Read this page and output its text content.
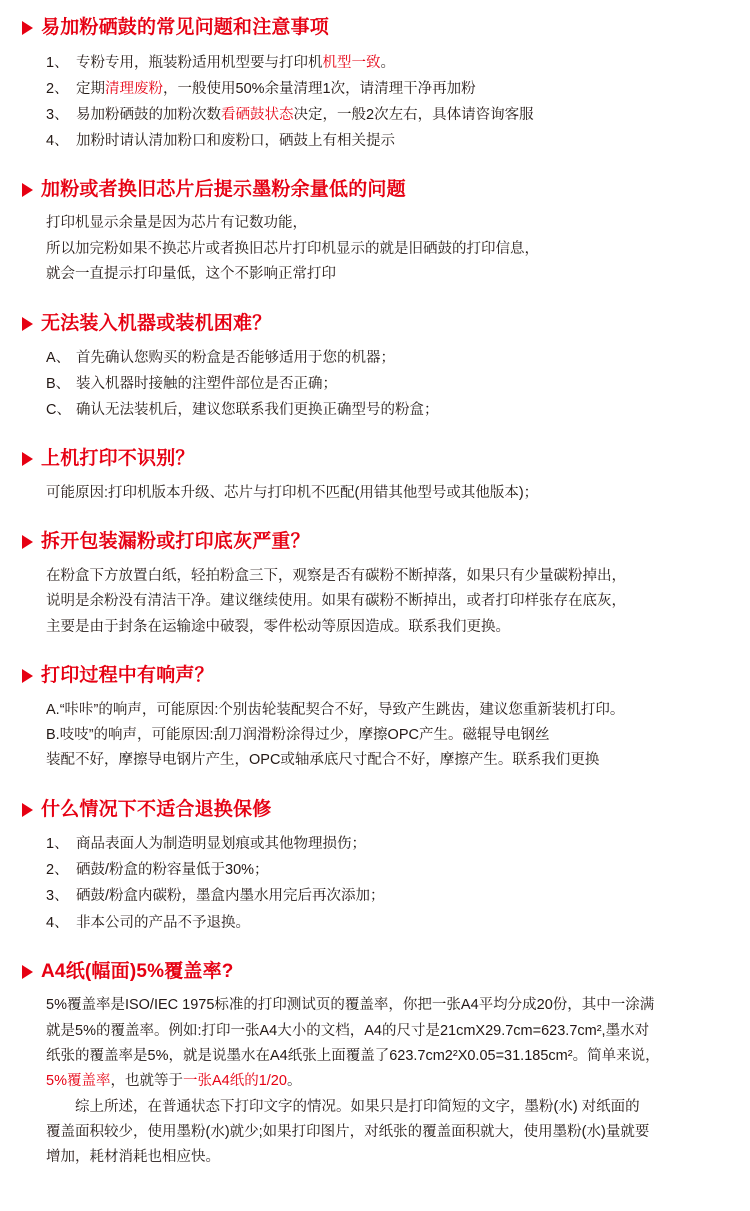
易加粉硒鼓的常见问题和注意事项
1、 专粉专用，瓶装粉适用机型要与打印机机型一致。
2、 定期清理废粉，一般使用50%余量清理1次，请清理干净再加粉
3、 易加粉硒鼓的加粉次数看硒鼓状态决定，一般2次左右，具体请咨询客服
4、 加粉时请认清加粉口和废粉口，硒鼓上有相关提示
加粉或者换旧芯片后提示墨粉余量低的问题
打印机显示余量是因为芯片有记数功能，
所以加完粉如果不换芯片或者换旧芯片打印机显示的就是旧硒鼓的打印信息，
就会一直提示打印量低，这个不影响正常打印
无法装入机器或装机困难？
A、 首先确认您购买的粉盒是否能够适用于您的机器；
B、 装入机器时接触的注塑件部位是否正确；
C、 确认无法装机后，建议您联系我们更换正确型号的粉盒；
上机打印不识别？
可能原因:打印机版本升级、芯片与打印机不匹配(用错其他型号或其他版本)；
拆开包装漏粉或打印底灰严重？
在粉盒下方放置白纸，轻拍粉盒三下，观察是否有碳粉不断掉落，如果只有少量碳粉掉出，
说明是余粉没有清洁干净。建议继续使用。如果有碳粉不断掉出，或者打印样张存在底灰，
主要是由于封条在运输途中破裂，零件松动等原因造成。联系我们更换。
打印过程中有响声？
A.“咔咔”的响声，可能原因:个别齿轮装配契合不好，导致产生跳齿，建议您重新装机打印。
B.吱吱”的响声，可能原因:刮刀润滑粉涂得过少，摩擦OPC产生。磁辊导电钢丝
装配不好，摩擦导电钢片产生，OPC或轴承底尺寸配合不好，摩擦产生。联系我们更换
什么情况下不适合退换保修
1、 商品表面人为制造明显划痕或其他物理损伤；
2、 硒鼓/粉盒的粉容量低于30%；
3、 硒鼓/粉盒内碳粉，墨盒内墨水用完后再次添加；
4、 非本公司的产品不予退换。
A4纸(幅面)5%覆盖率?
5%覆盖率是ISO/IEC 1975标准的打印测试页的覆盖率，你把一张A4平均分成20份，其中一涂满
就是5%的覆盖率。例如:打印一张A4大小的文档，A4的尺寸是21cmX29.7cm=623.7cm²,墨水对
纸张的覆盖率是5%，就是说墨水在A4纸张上面覆盖了623.7cm2²X0.05=31.185cm²。简单来说，
5%覆盖率，也就等于一张A4纸的1/20。
综上所述，在普通状态下打印文字的情况。如果只是打印简短的文字，墨粉(水) 对纸面的
覆盖面积较少，使用墨粉(水)就少;如果打印图片，对纸张的覆盖面积就大，使用墨粉(水)量就要
增加，耗材消耗也相应快。
